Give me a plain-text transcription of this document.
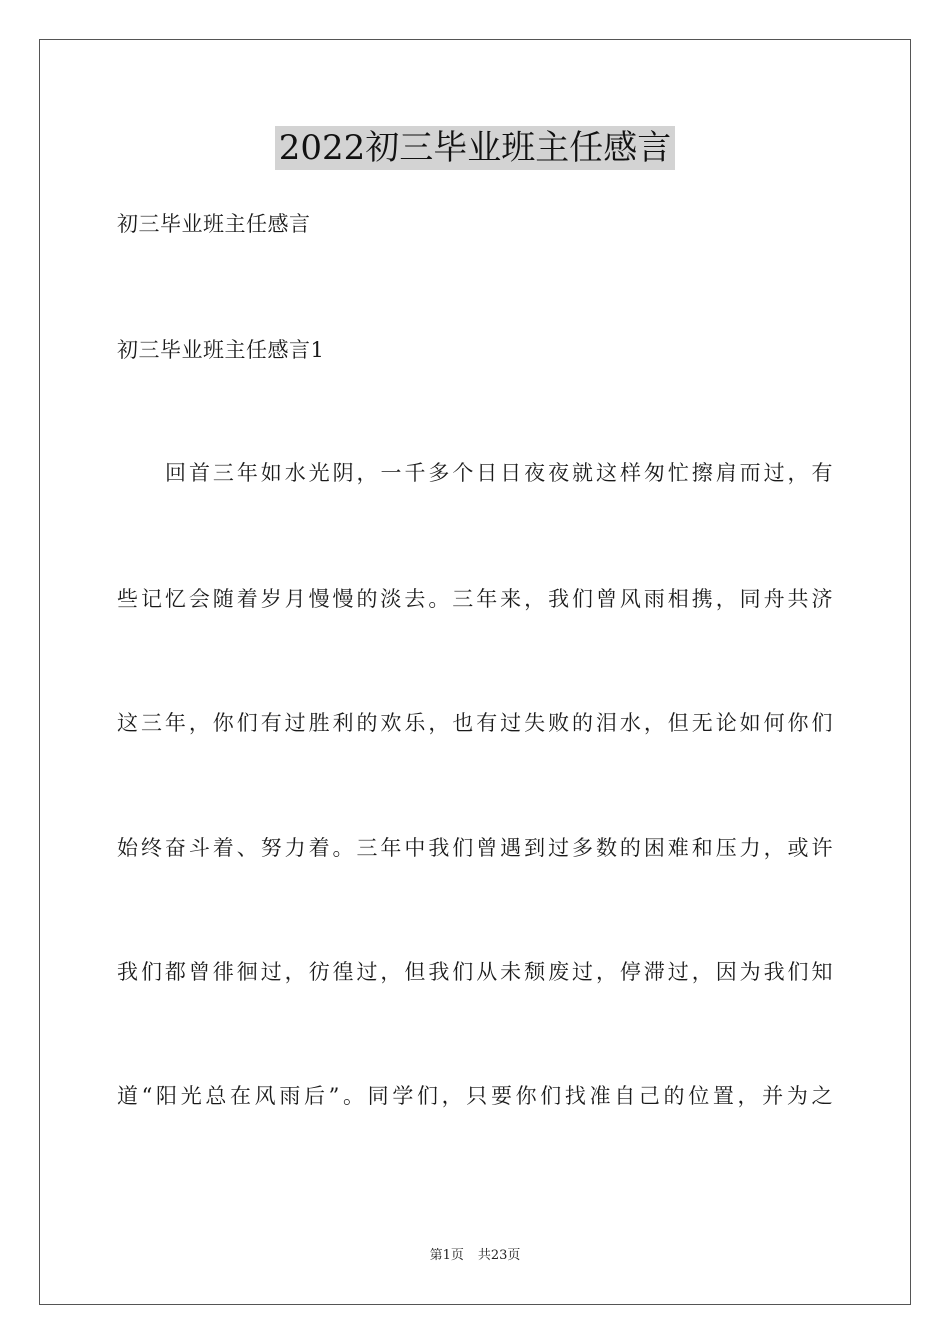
2022初三毕业班主任感言
初三毕业班主任感言
初三毕业班主任感言1
回首三年如水光阴，一千多个日日夜夜就这样匆忙擦肩而过，有
些记忆会随着岁月慢慢的淡去。三年来，我们曾风雨相携，同舟共济
这三年，你们有过胜利的欢乐，也有过失败的泪水，但无论如何你们
始终奋斗着、努力着。三年中我们曾遇到过多数的困难和压力，或许
我们都曾徘徊过，彷徨过，但我们从未颓废过，停滞过，因为我们知
道“阳光总在风雨后”。同学们，只要你们找准自己的位置，并为之
第1页 共23页
